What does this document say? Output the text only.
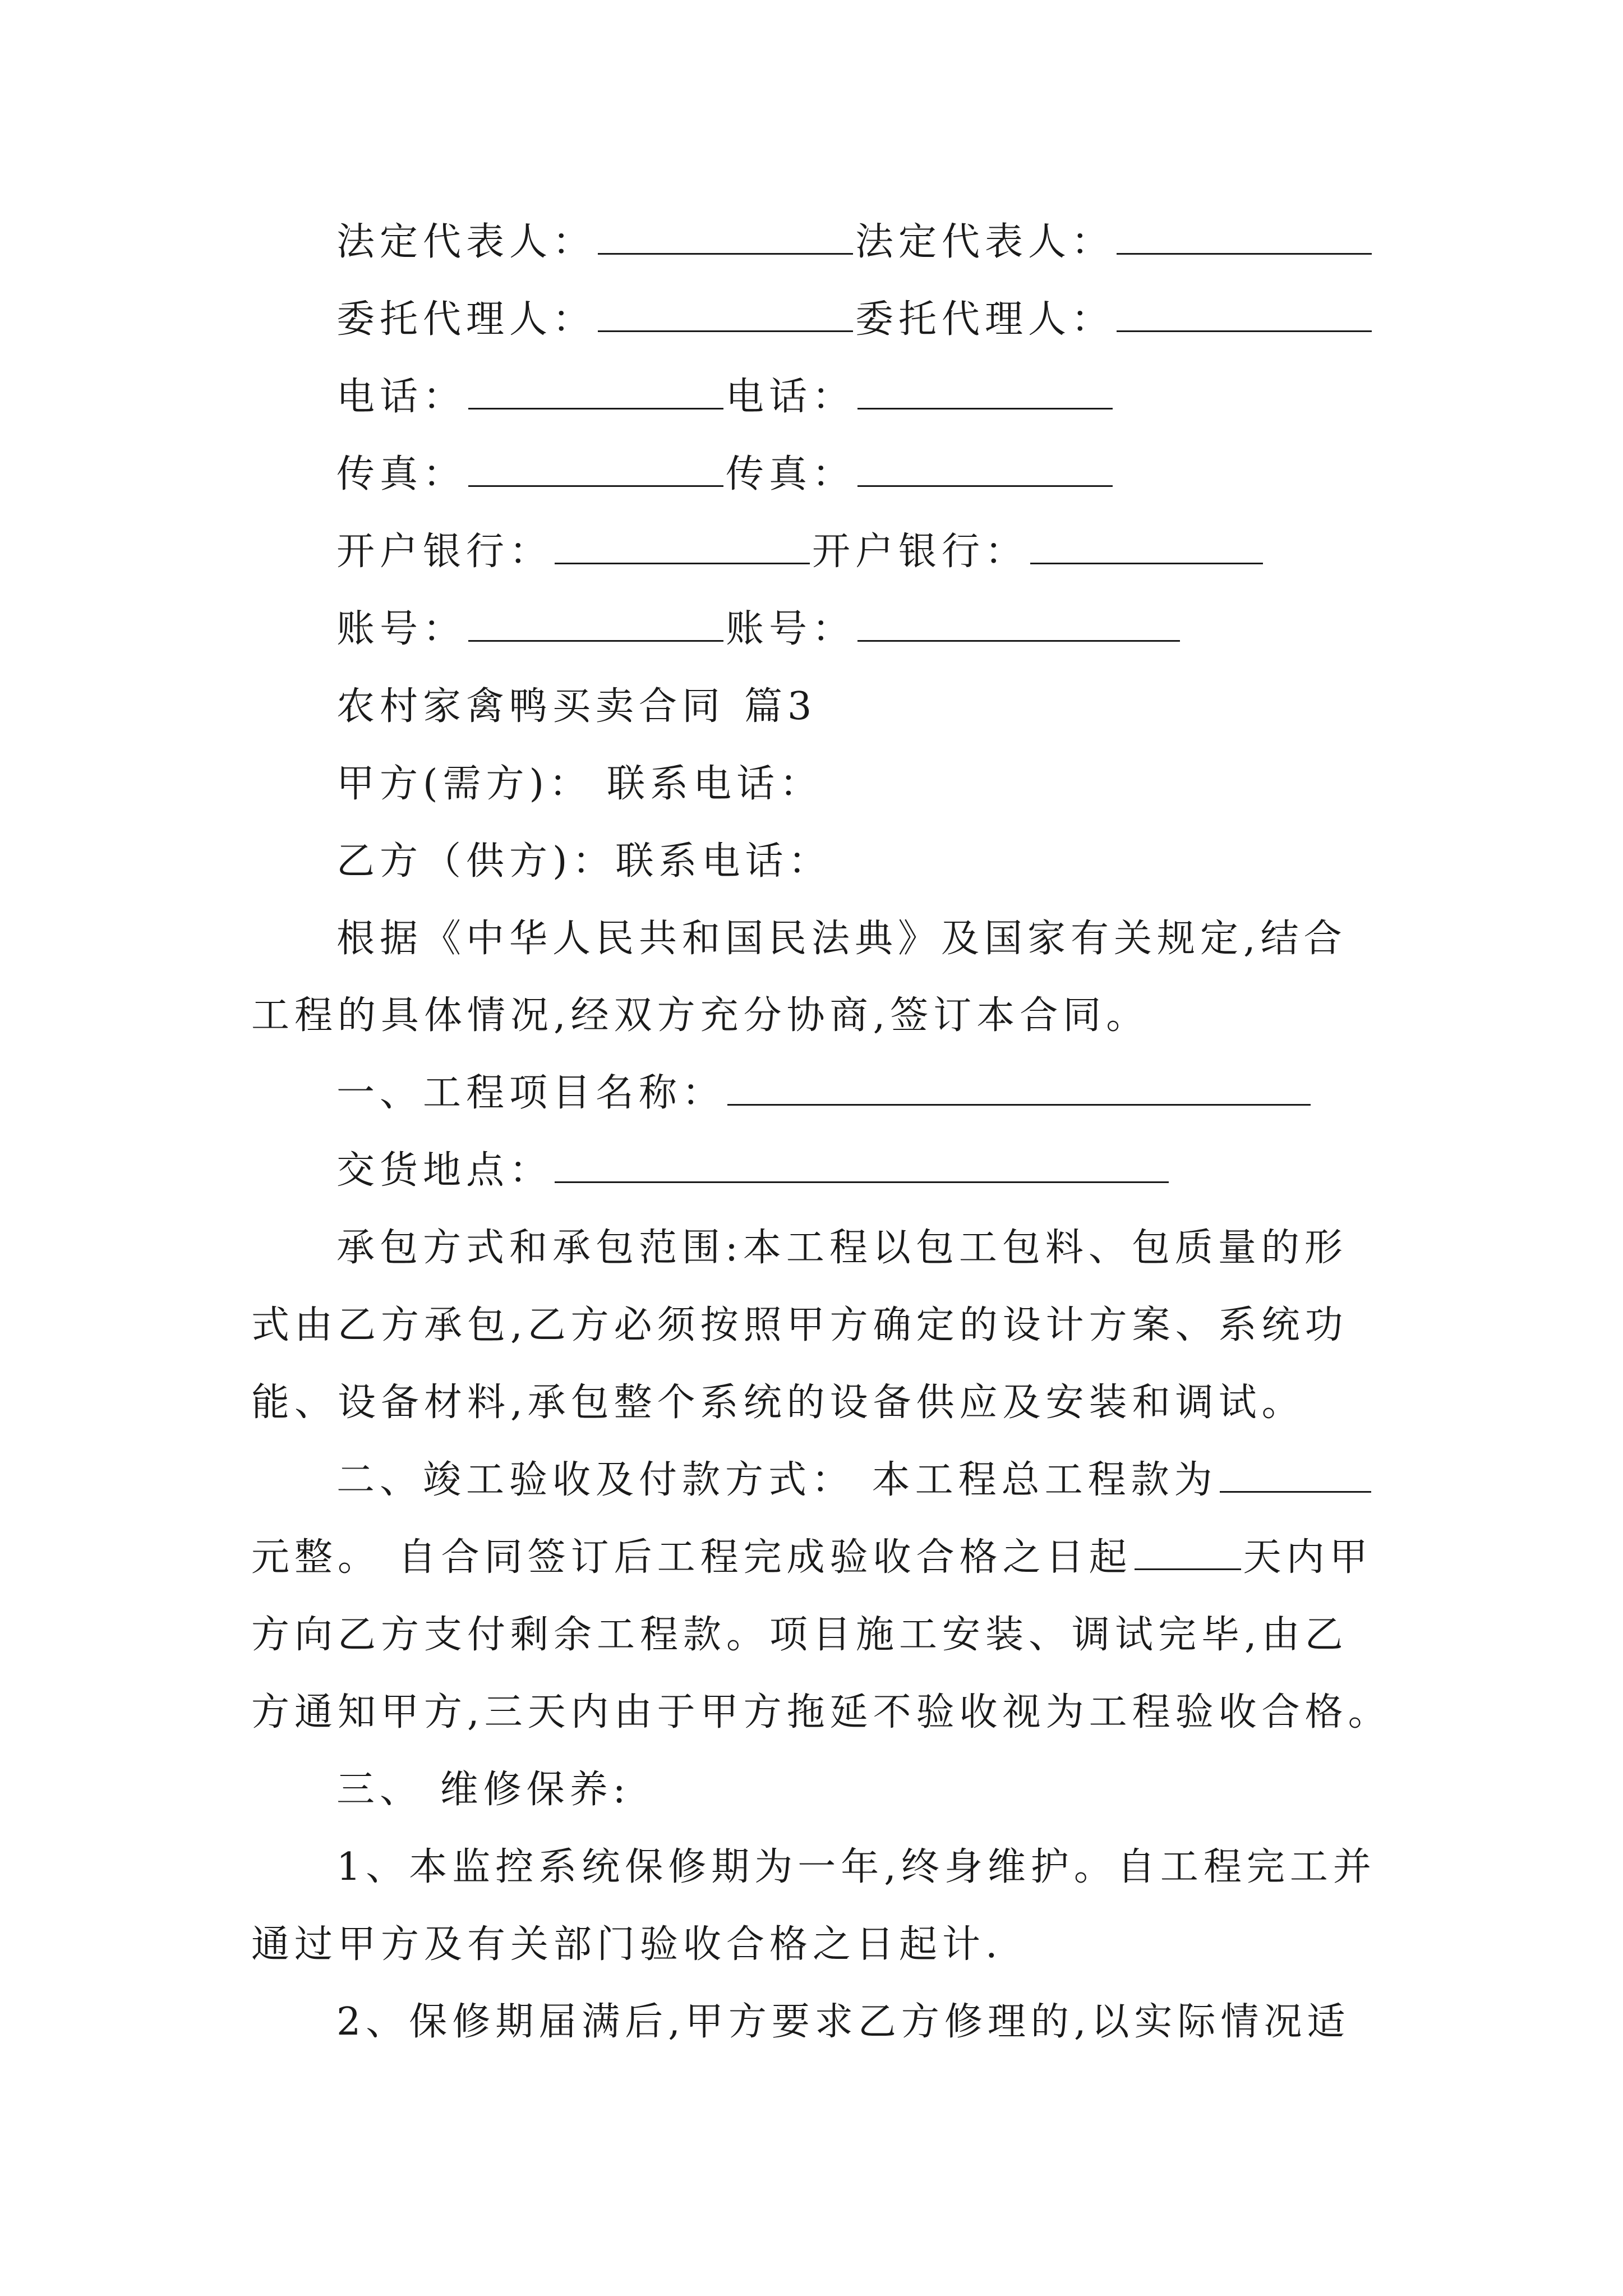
法定代表人：	法定代表人：
委托代理人：	委托代理人：
电话：	电话：
传真：	传真：
开户银行：	开户银行：
账号：	账号：
农村家禽鸭买卖合同 篇3
甲方(需方)： 联系电话：
乙方（供方)：联系电话：
根据《中华人民共和国民法典》及国家有关规定,结合
工程的具体情况,经双方充分协商,签订本合同。
一、工程项目名称：
交货地点：
承包方式和承包范围:本工程以包工包料、包质量的形
式由乙方承包,乙方必须按照甲方确定的设计方案、系统功
能、设备材料,承包整个系统的设备供应及安装和调试。
二、竣工验收及付款方式： 本工程总工程款为
元整。 自合同签订后工程完成验收合格之日起	天内甲
方向乙方支付剩余工程款。项目施工安装、调试完毕,由乙
方通知甲方,三天内由于甲方拖延不验收视为工程验收合格。
三、 维修保养:
1、本监控系统保修期为一年,终身维护。自工程完工并
通过甲方及有关部门验收合格之日起计.
2、保修期届满后,甲方要求乙方修理的,以实际情况适
